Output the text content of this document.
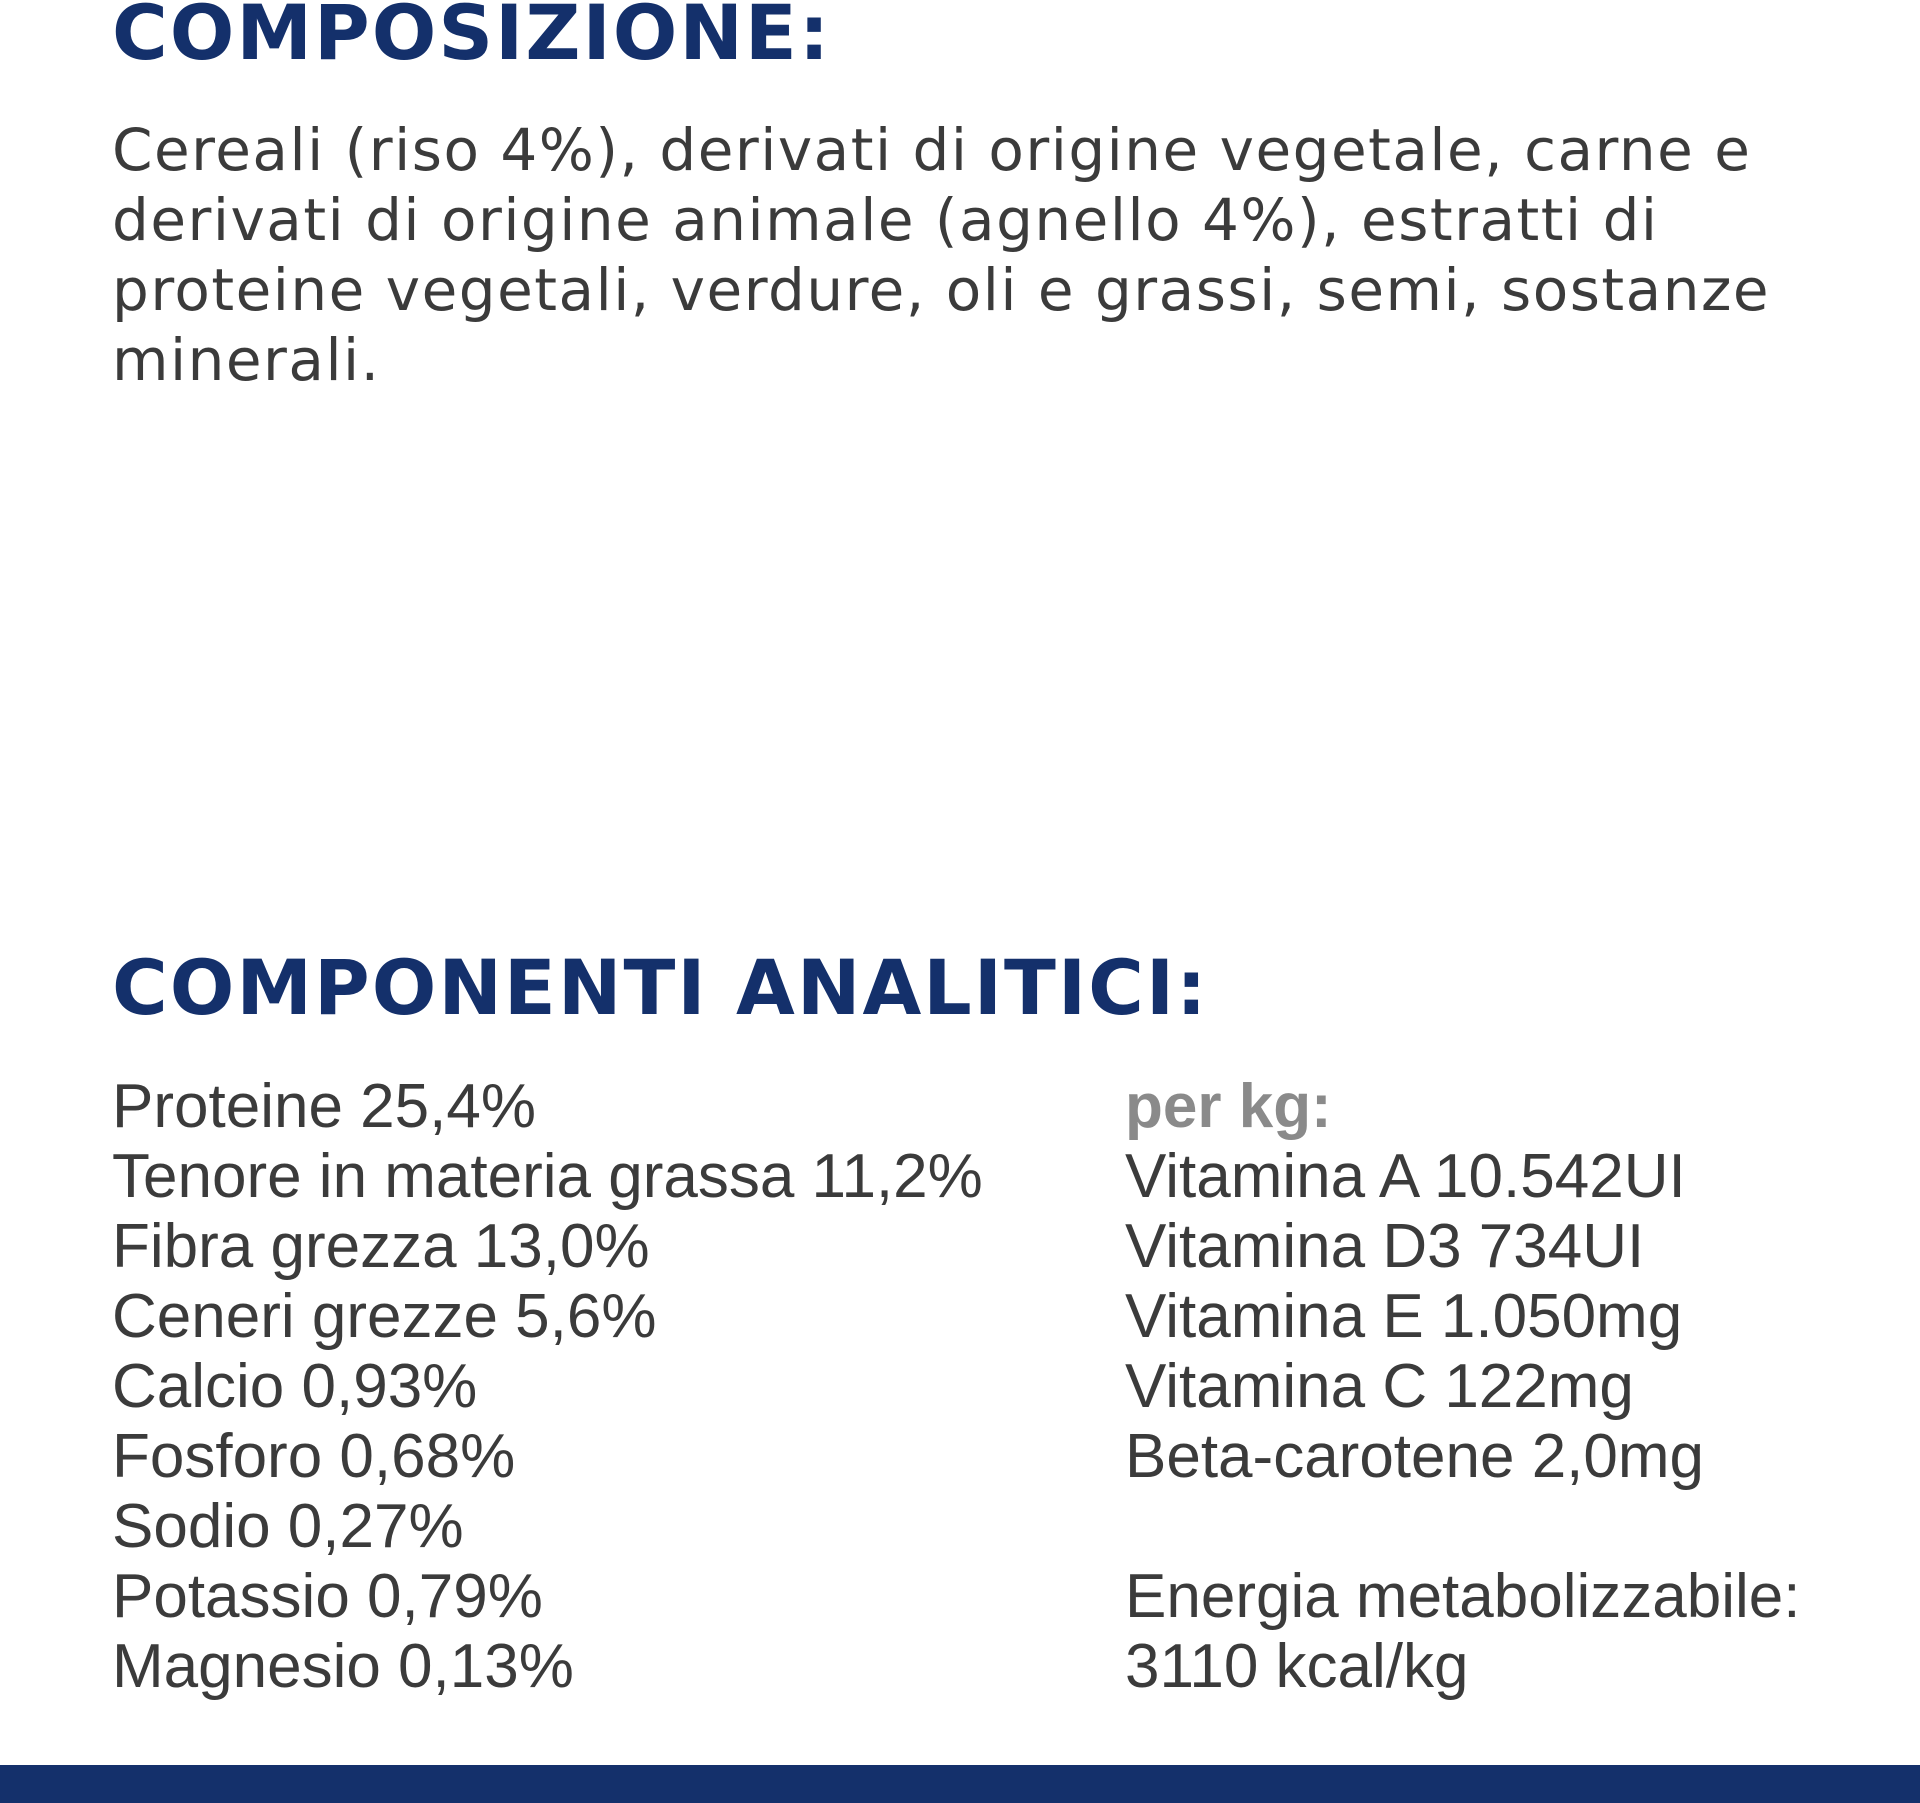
COMPOSIZIONE:

Cereali (riso 4%), derivati di origine vegetale, carne e derivati di origine animale (agnello 4%), estratti di proteine vegetali, verdure, oli e grassi, semi, sostanze minerali.

COMPONENTI ANALITICI:
Proteine 25,4%
Tenore in materia grassa 11,2%
Fibra grezza 13,0%
Ceneri grezze 5,6%
Calcio 0,93%
Fosforo 0,68%
Sodio 0,27%
Potassio 0,79%
Magnesio 0,13%
per kg:
Vitamina A 10.542UI
Vitamina D3 734UI
Vitamina E 1.050mg
Vitamina C 122mg
Beta-carotene 2,0mg
Energia metabolizzabile:
3110 kcal/kg
